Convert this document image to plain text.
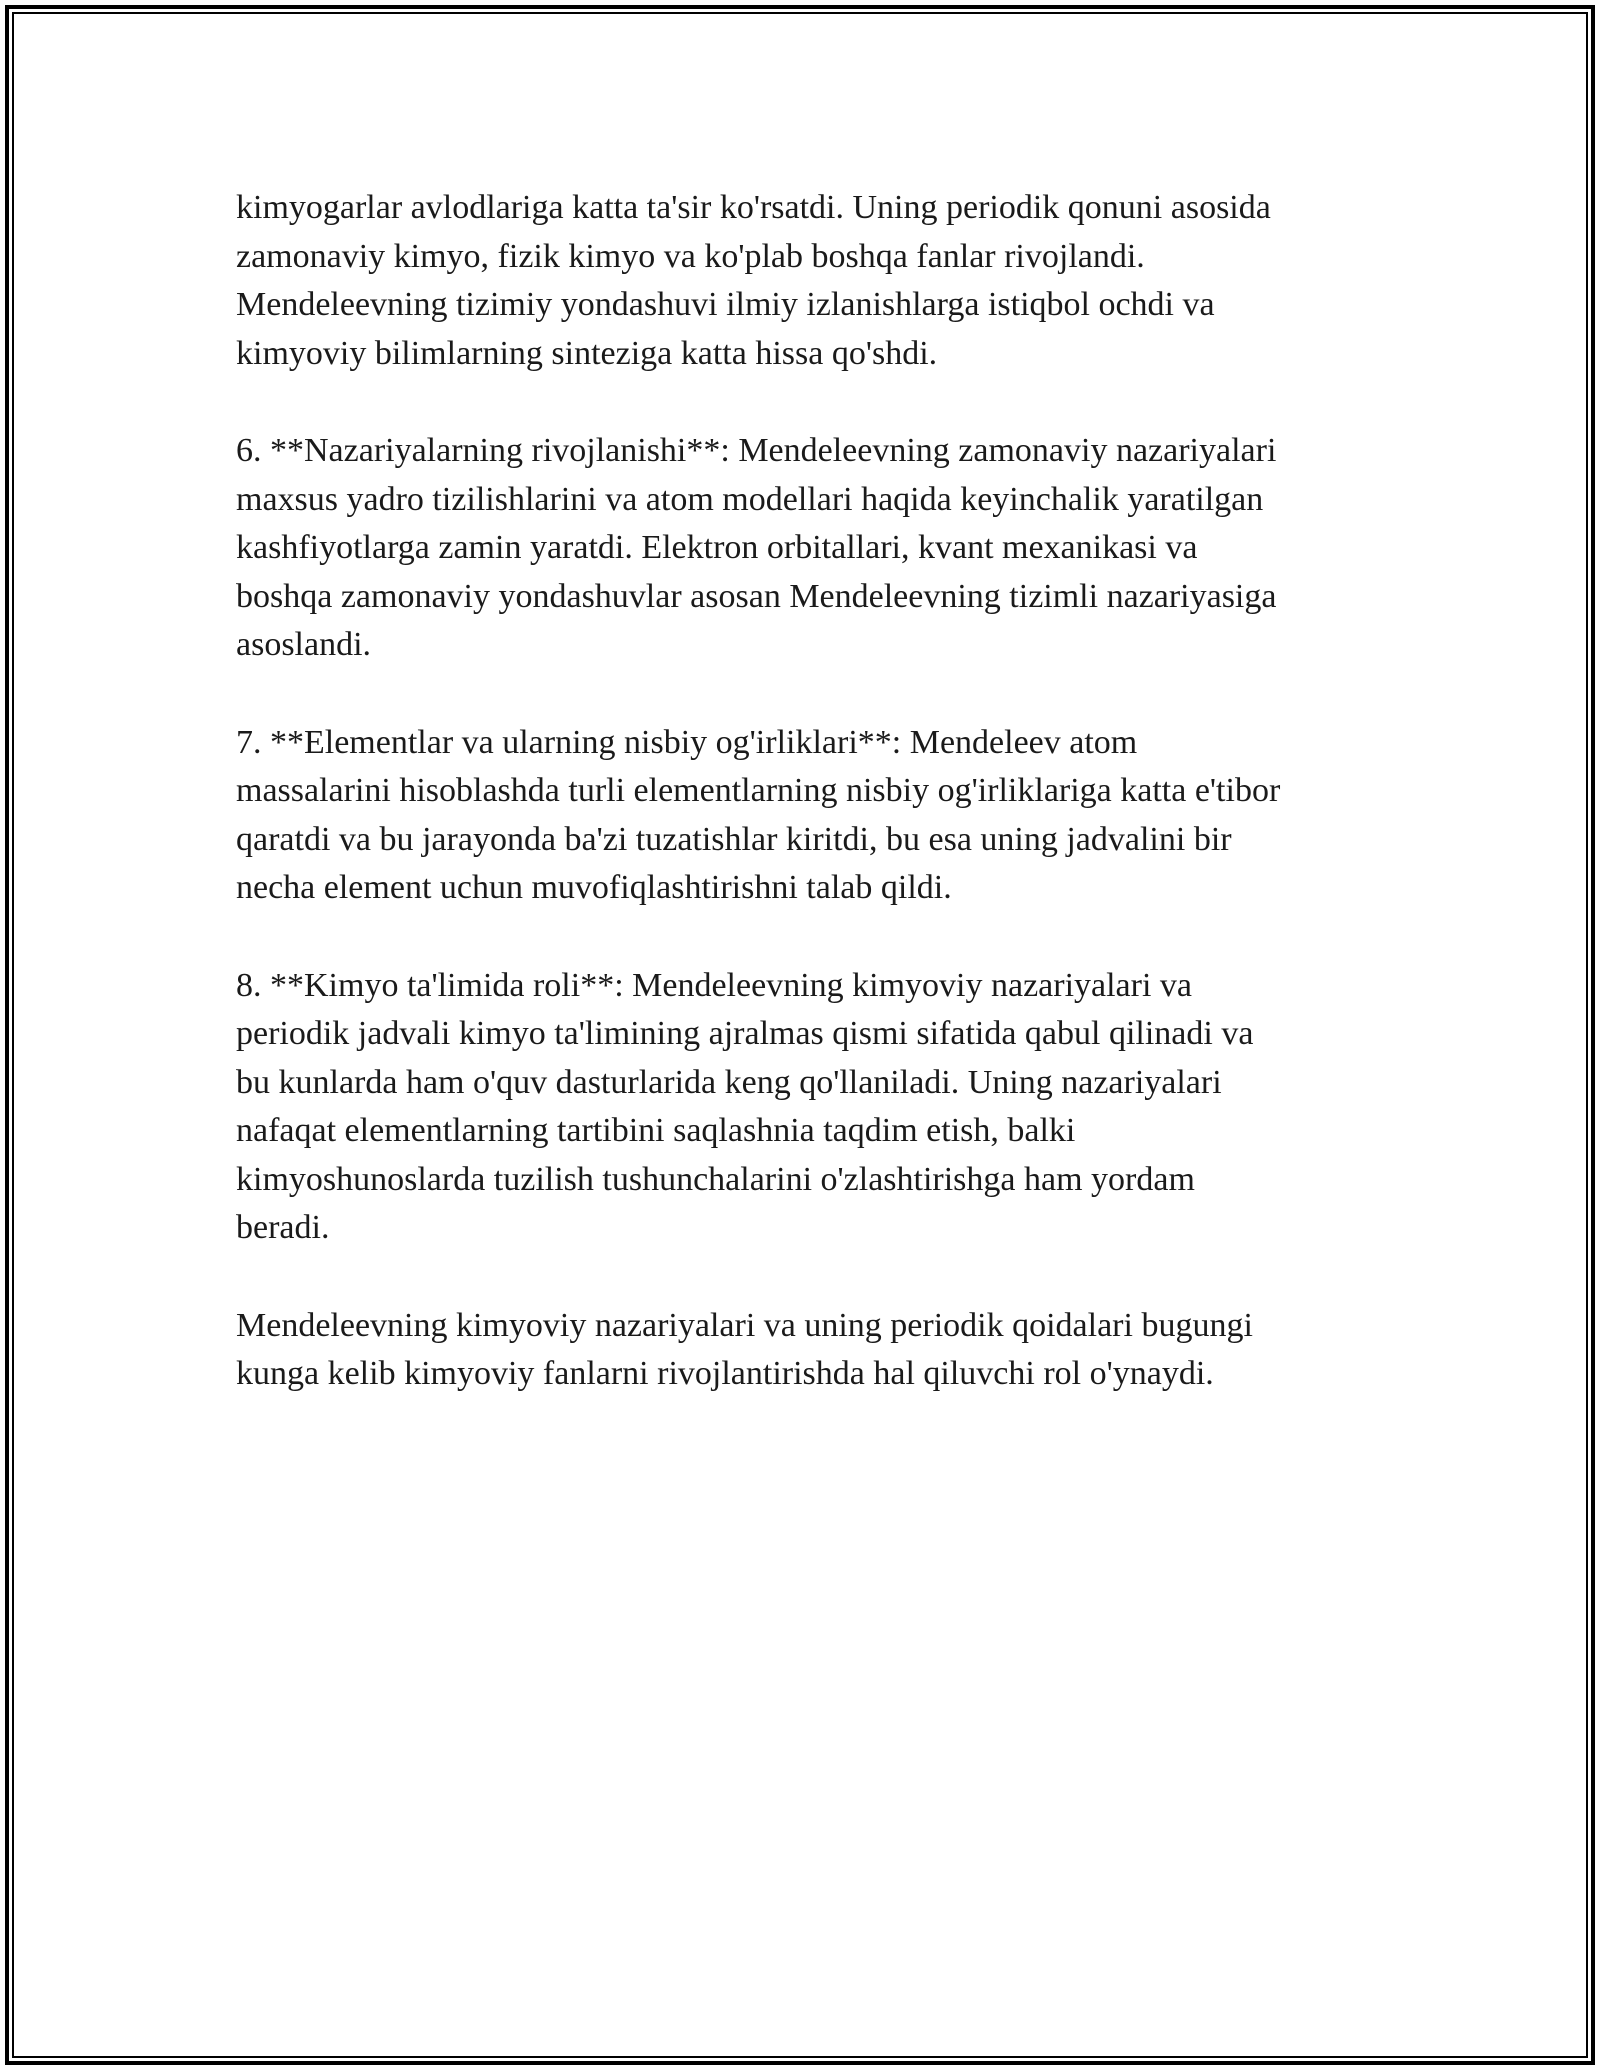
kimyogarlar avlodlariga katta ta'sir ko'rsatdi. Uning periodik qonuni asosida
zamonaviy kimyo, fizik kimyo va ko'plab boshqa fanlar rivojlandi.
Mendeleevning tizimiy yondashuvi ilmiy izlanishlarga istiqbol ochdi va
kimyoviy bilimlarning sinteziga katta hissa qo'shdi.

6. **Nazariyalarning rivojlanishi**: Mendeleevning zamonaviy nazariyalari
maxsus yadro tizilishlarini va atom modellari haqida keyinchalik yaratilgan
kashfiyotlarga zamin yaratdi. Elektron orbitallari, kvant mexanikasi va
boshqa zamonaviy yondashuvlar asosan Mendeleevning tizimli nazariyasiga
asoslandi.

7. **Elementlar va ularning nisbiy og'irliklari**: Mendeleev atom
massalarini hisoblashda turli elementlarning nisbiy og'irliklariga katta e'tibor
qaratdi va bu jarayonda ba'zi tuzatishlar kiritdi, bu esa uning jadvalini bir
necha element uchun muvofiqlashtirishni talab qildi.

8. **Kimyo ta'limida roli**: Mendeleevning kimyoviy nazariyalari va
periodik jadvali kimyo ta'limining ajralmas qismi sifatida qabul qilinadi va
bu kunlarda ham o'quv dasturlarida keng qo'llaniladi. Uning nazariyalari
nafaqat elementlarning tartibini saqlashnia taqdim etish, balki
kimyoshunoslarda tuzilish tushunchalarini o'zlashtirishga ham yordam
beradi.

Mendeleevning kimyoviy nazariyalari va uning periodik qoidalari bugungi
kunga kelib kimyoviy fanlarni rivojlantirishda hal qiluvchi rol o'ynaydi.
